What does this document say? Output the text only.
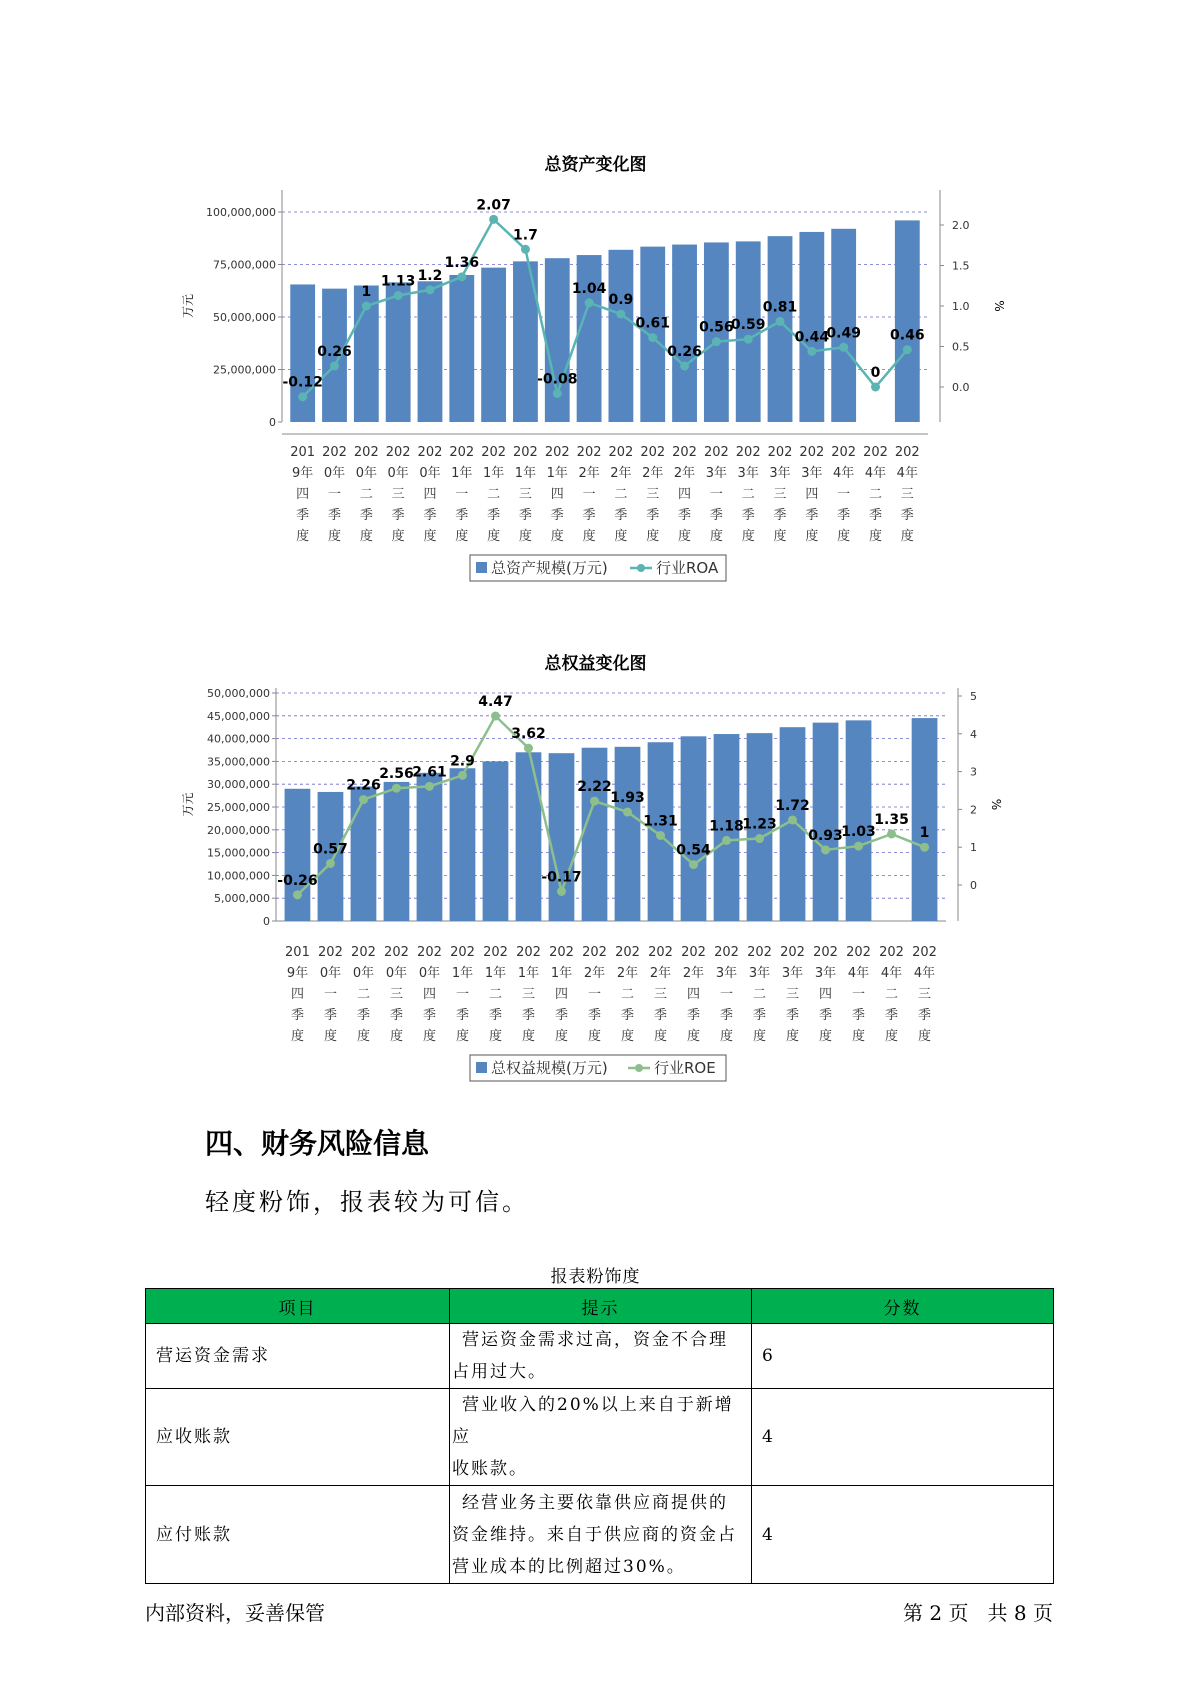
总资产变化图
0
25,000,000
50,000,000
75,000,000
100,000,000
0.0
0.5
1.0
1.5
2.0
万元	%
-0.12
0.26
1
1.13 1.2
1.36
2.07
1.7
-0.08
1.04
0.9
0.61
0.26
0.56
0.59
0.81
0.44
0.49
0
0.46
201 9年四季度
202 0年一季度
202 0年二季度
202 0年三季度
202 0年四季度
202 1年一季度
202 1年二季度
202 1年三季度
202 1年四季度
202 2年一季度
202 2年二季度
202 2年三季度
202 2年四季度
202 3年一季度
202 3年二季度
202 3年三季度
202 3年四季度
202 4年一季度
202 4年二季度
202 4年三季度
总资产规模(万元)	行业ROA
总权益变化图
0
5,000,000
10,000,000
15,000,000
20,000,000
25,000,000
30,000,000
35,000,000
40,000,000
45,000,000
50,000,000
0
1
2
3
4
5
万元	%
-0.26
0.57
2.26
2.56
2.61
2.9
4.47
3.62
-0.17
2.22
1.93
1.31
0.54
1.18
1.23
1.72
0.93
1.03
1.35
1
201 9年四季度
202 0年一季度
202 0年二季度
202 0年三季度
202 0年四季度
202 1年一季度
202 1年二季度
202 1年三季度
202 1年四季度
202 2年一季度
202 2年二季度
202 2年三季度
202 2年四季度
202 3年一季度
202 3年二季度
202 3年三季度
202 3年四季度
202 4年一季度
202 4年二季度
202 4年三季度
总权益规模(万元)	行业ROE
四、财务风险信息
轻度粉饰，报表较为可信。
报表粉饰度
项目	提示	分数
营运资金需求	营运资金需求过高，资金不合理
占用过大。	6
应收账款	营业收入的20%以上来自于新增应
收账款。	4
应付账款	经营业务主要依靠供应商提供的
资金维持。来自于供应商的资金占
营业成本的比例超过30%。	4
内部资料，妥善保管	第 2 页   共 8 页
